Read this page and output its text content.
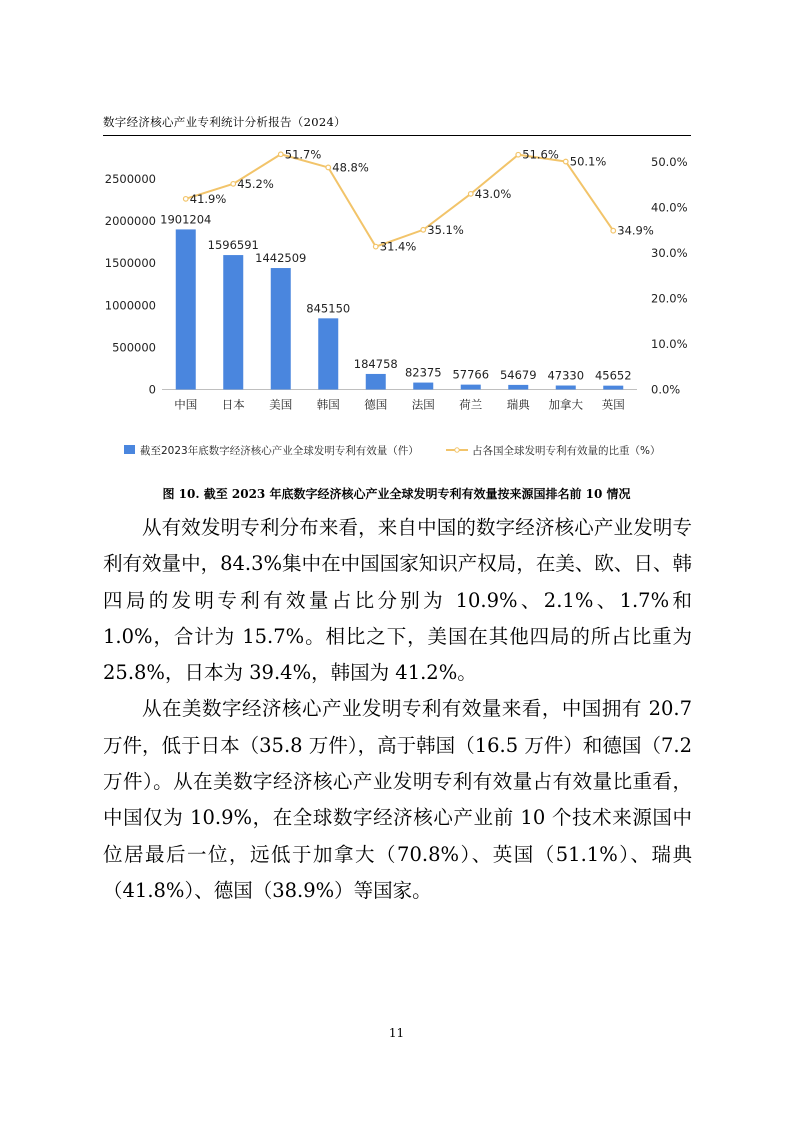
数字经济核心产业专利统计分析报告（2024）
0
500000
1000000
1500000
2000000
2500000
0.0%
10.0%
20.0%
30.0%
40.0%
50.0%
中国 日本 美国 韩国 德国 法国 荷兰 瑞典 加拿大 英国
1901204
1596591
1442509
845150
184758
82375 57766 54679 47330 45652
41.9%
45.2%
51.7%
48.8%
31.4%
35.1%
43.0%
51.6% 50.1%
34.9%
截至2023年底数字经济核心产业全球发明专利有效量（件）	占各国全球发明专利有效量的比重（%）
图 10. 截至 2023 年底数字经济核心产业全球发明专利有效量按来源国排名前 10 情况

从有效发明专利分布来看，来自中国的数字经济核心产业发明专利有效量中，84.3%集中在中国国家知识产权局，在美、欧、日、韩四局的发明专利有效量占比分别为 10.9%、2.1%、1.7%和 1.0%，合计为 15.7%。相比之下，美国在其他四局的所占比重为 25.8%，日本为 39.4%，韩国为 41.2%。

从在美数字经济核心产业发明专利有效量来看，中国拥有 20.7 万件，低于日本（35.8 万件），高于韩国（16.5 万件）和德国（7.2 万件）。从在美数字经济核心产业发明专利有效量占有效量比重看，中国仅为 10.9%，在全球数字经济核心产业前 10 个技术来源国中位居最后一位，远低于加拿大（70.8%）、英国（51.1%）、瑞典（41.8%）、德国（38.9%）等国家。

11
